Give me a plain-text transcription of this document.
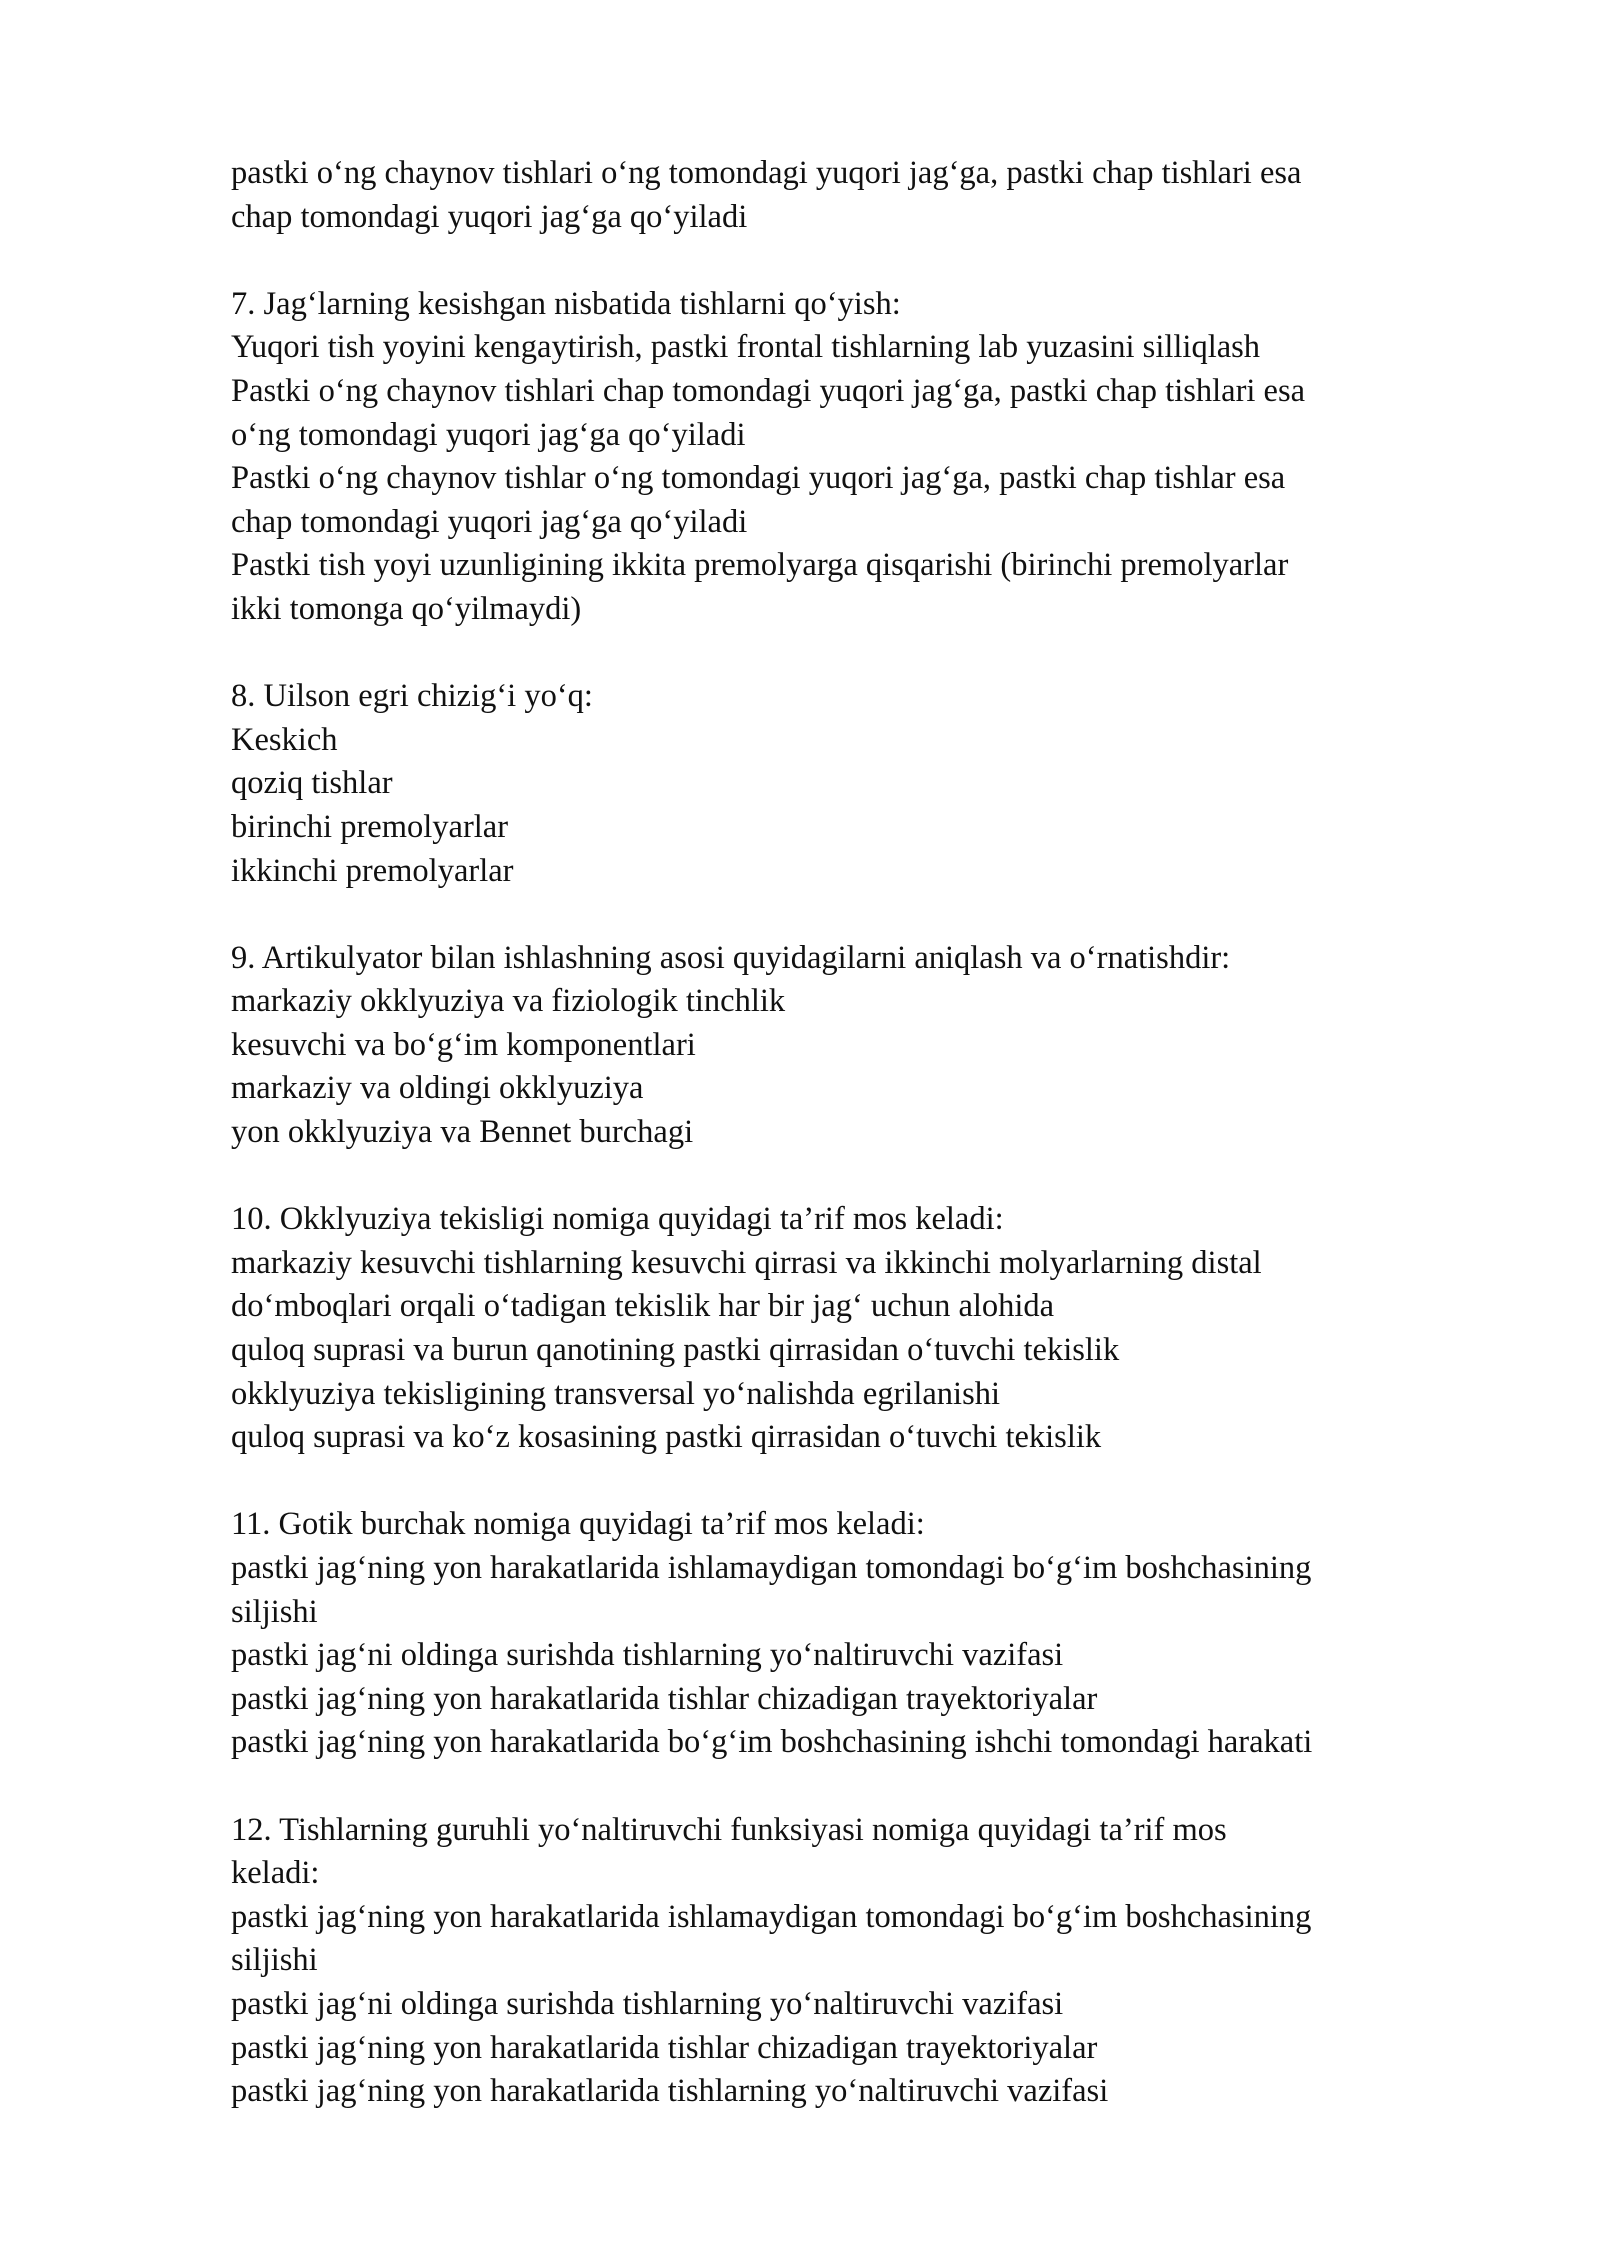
pastki o‘ng chaynov tishlari o‘ng tomondagi yuqori jag‘ga, pastki chap tishlari esa
chap tomondagi yuqori jag‘ga qo‘yiladi
7. Jag‘larning kesishgan nisbatida tishlarni qo‘yish:
Yuqori tish yoyini kengaytirish, pastki frontal tishlarning lab yuzasini silliqlash
Pastki o‘ng chaynov tishlari chap tomondagi yuqori jag‘ga, pastki chap tishlari esa
o‘ng tomondagi yuqori jag‘ga qo‘yiladi
Pastki o‘ng chaynov tishlar o‘ng tomondagi yuqori jag‘ga, pastki chap tishlar esa
chap tomondagi yuqori jag‘ga qo‘yiladi
Pastki tish yoyi uzunligining ikkita premolyarga qisqarishi (birinchi premolyarlar
ikki tomonga qo‘yilmaydi)
8. Uilson egri chizig‘i yo‘q:
Keskich
qoziq tishlar
birinchi premolyarlar
ikkinchi premolyarlar
9. Artikulyator bilan ishlashning asosi quyidagilarni aniqlash va o‘rnatishdir:
markaziy okklyuziya va fiziologik tinchlik
kesuvchi va bo‘g‘im komponentlari
markaziy va oldingi okklyuziya
yon okklyuziya va Bennet burchagi
10. Okklyuziya tekisligi nomiga quyidagi ta’rif mos keladi:
markaziy kesuvchi tishlarning kesuvchi qirrasi va ikkinchi molyarlarning distal
do‘mboqlari orqali o‘tadigan tekislik har bir jag‘ uchun alohida
quloq suprasi va burun qanotining pastki qirrasidan o‘tuvchi tekislik
okklyuziya tekisligining transversal yo‘nalishda egrilanishi
quloq suprasi va ko‘z kosasining pastki qirrasidan o‘tuvchi tekislik
11. Gotik burchak nomiga quyidagi ta’rif mos keladi:
pastki jag‘ning yon harakatlarida ishlamaydigan tomondagi bo‘g‘im boshchasining
siljishi
pastki jag‘ni oldinga surishda tishlarning yo‘naltiruvchi vazifasi
pastki jag‘ning yon harakatlarida tishlar chizadigan trayektoriyalar
pastki jag‘ning yon harakatlarida bo‘g‘im boshchasining ishchi tomondagi harakati
12. Tishlarning guruhli yo‘naltiruvchi funksiyasi nomiga quyidagi ta’rif mos
keladi:
pastki jag‘ning yon harakatlarida ishlamaydigan tomondagi bo‘g‘im boshchasining
siljishi
pastki jag‘ni oldinga surishda tishlarning yo‘naltiruvchi vazifasi
pastki jag‘ning yon harakatlarida tishlar chizadigan trayektoriyalar
pastki jag‘ning yon harakatlarida tishlarning yo‘naltiruvchi vazifasi
